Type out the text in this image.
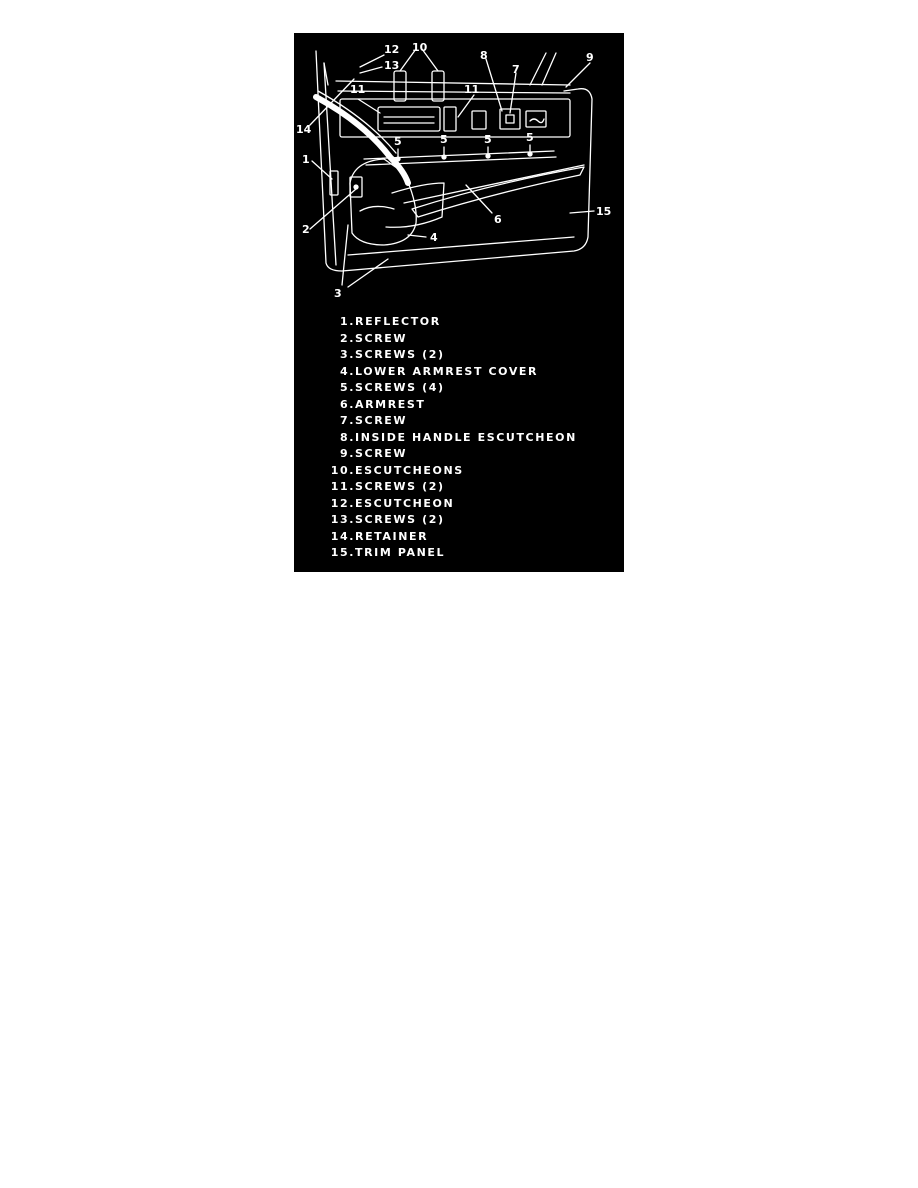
12
13
10
11	11
8
7
9
14
1
2
3
4
5	5	5	5
6
15
1. REFLECTOR
2. SCREW
3. SCREWS (2)
4. LOWER ARMREST COVER
5. SCREWS (4)
6. ARMREST
7. SCREW
8. INSIDE HANDLE ESCUTCHEON
9. SCREW
10. ESCUTCHEONS
11. SCREWS (2)
12. ESCUTCHEON
13. SCREWS (2)
14. RETAINER
15. TRIM PANEL
